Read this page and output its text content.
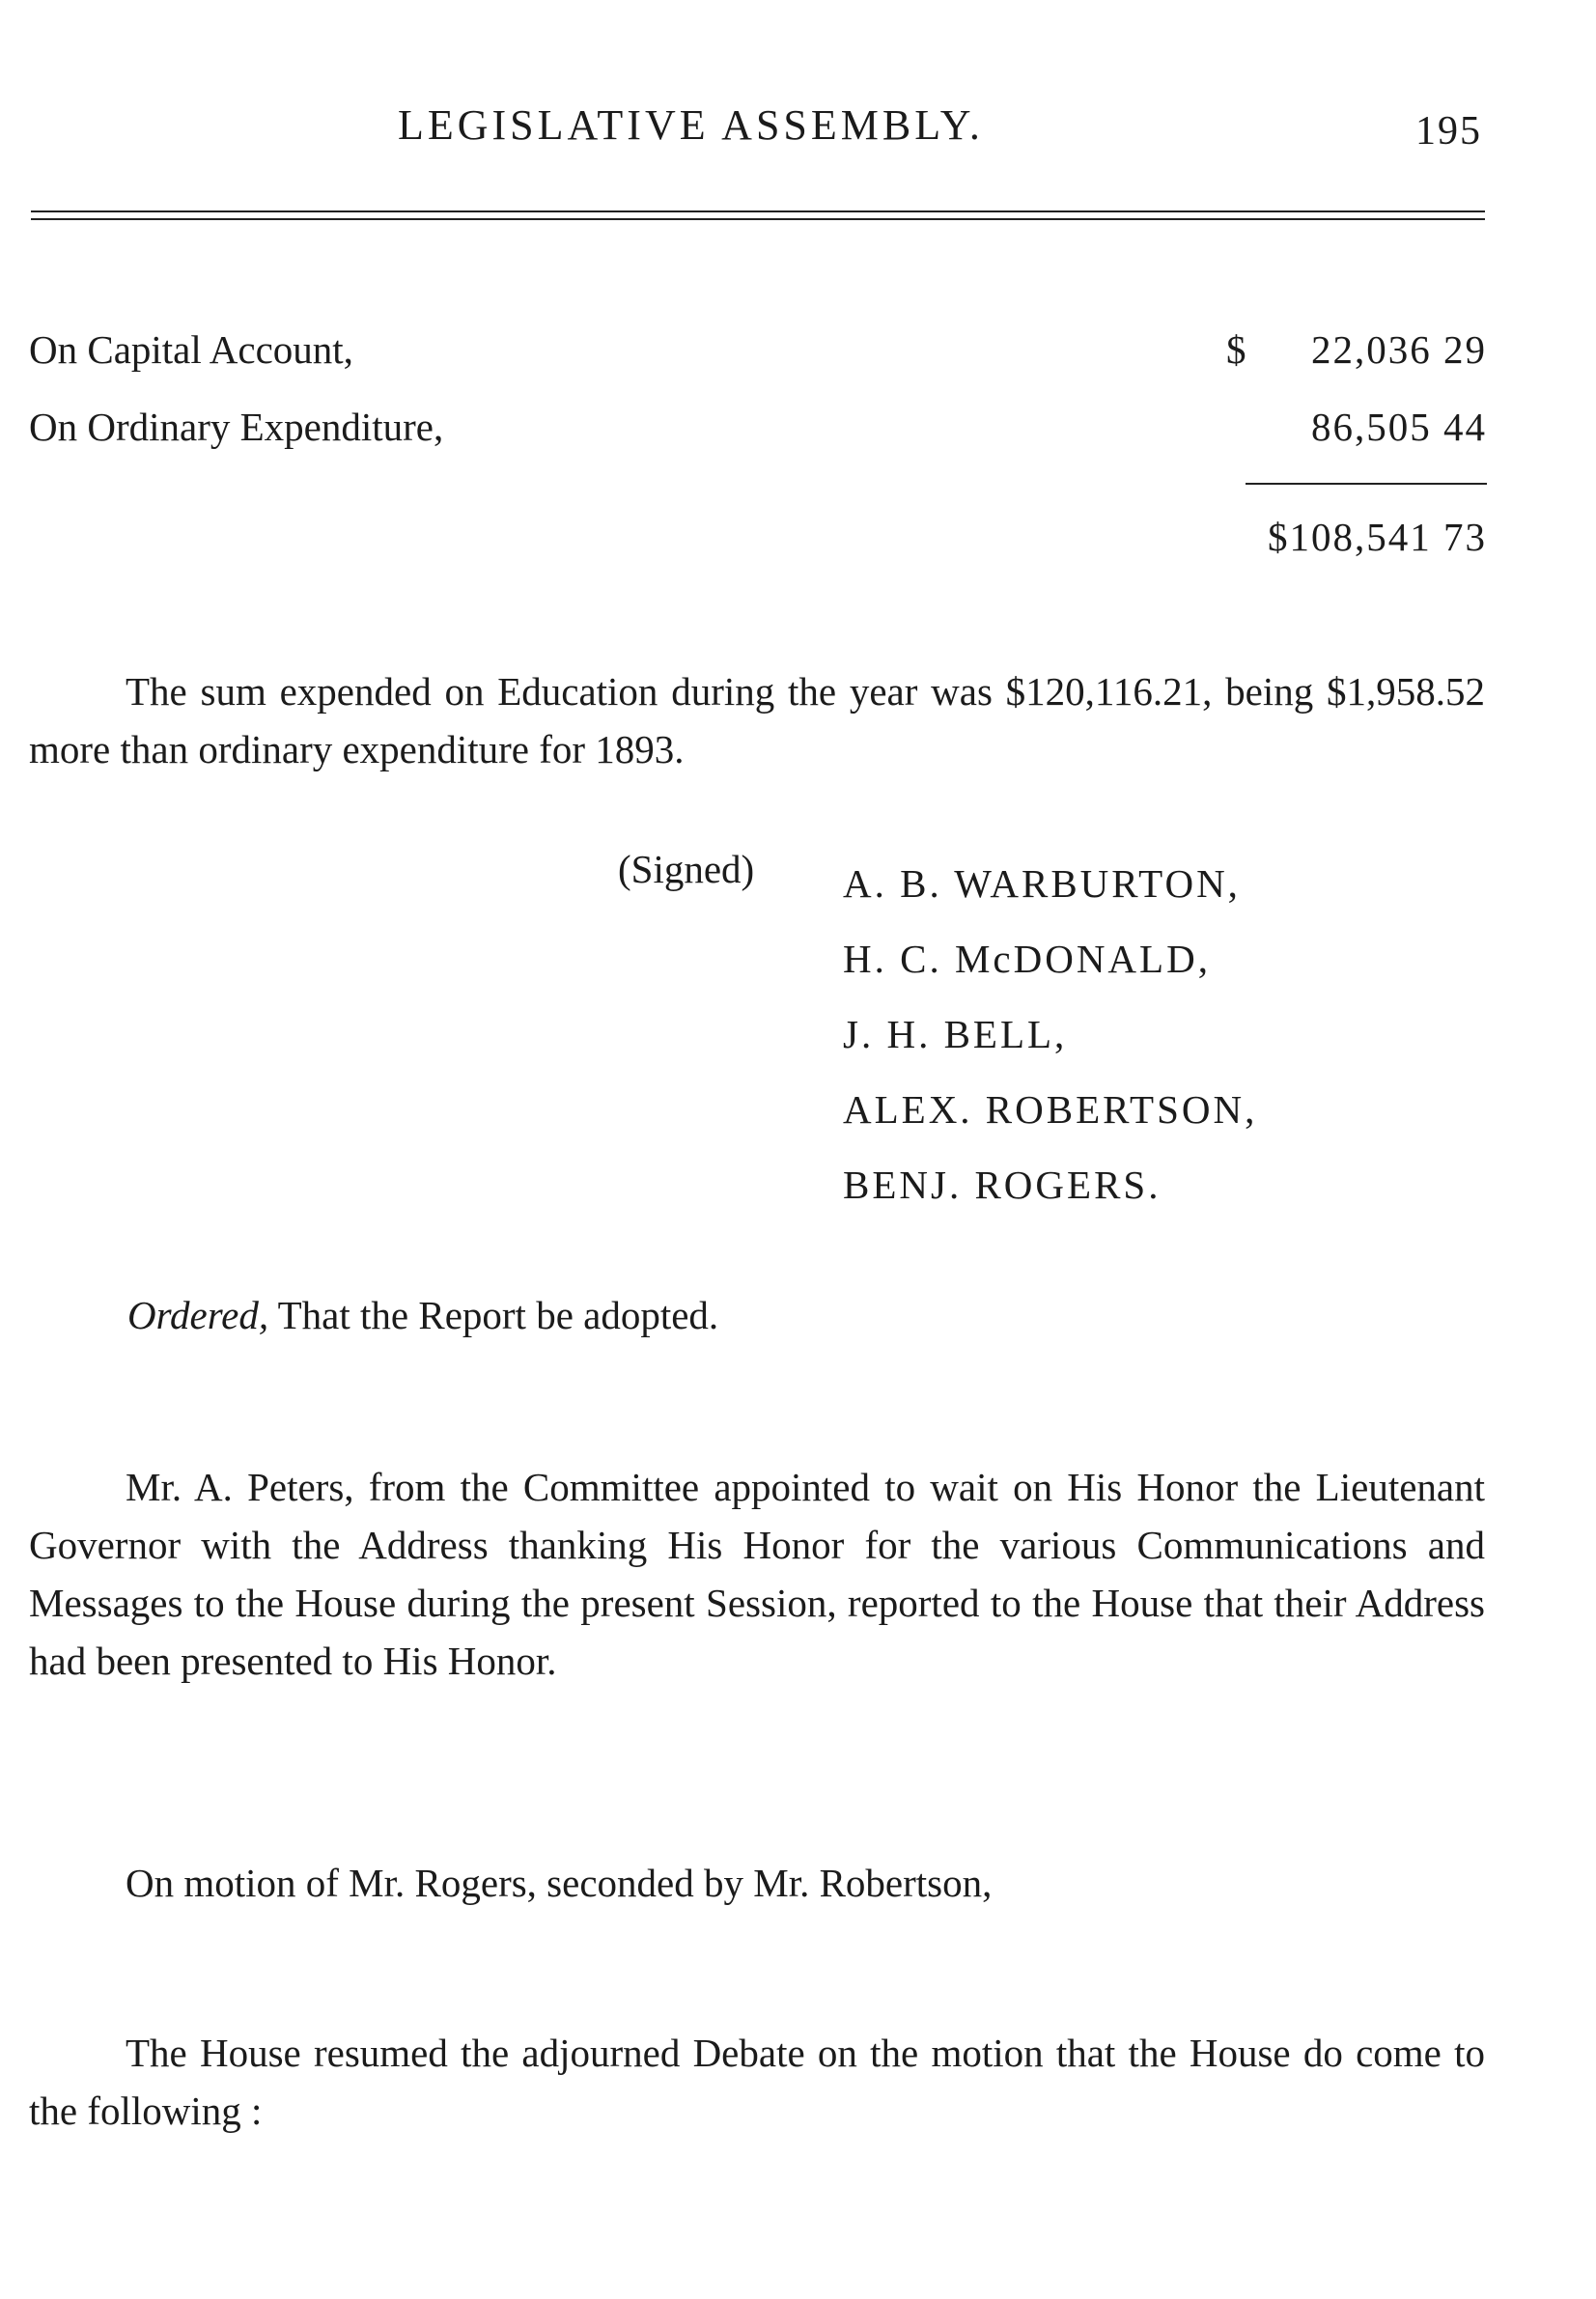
LEGISLATIVE ASSEMBLY.	195
On Capital Account,	$ 22,036 29
On Ordinary Expenditure,	86,505 44
$108,541 73
The sum expended on Education during the year was $120,116.21, being $1,958.52 more than ordinary expenditure for 1893.
(Signed) A. B. WARBURTON,
H. C. McDONALD,
J. H. BELL,
ALEX. ROBERTSON,
BENJ. ROGERS.
Ordered, That the Report be adopted.
Mr. A. Peters, from the Committee appointed to wait on His Honor the Lieutenant Governor with the Address thanking His Honor for the various Communications and Messages to the House during the present Session, reported to the House that their Address had been presented to His Honor.
On motion of Mr. Rogers, seconded by Mr. Robertson,
The House resumed the adjourned Debate on the motion that the House do come to the following :
